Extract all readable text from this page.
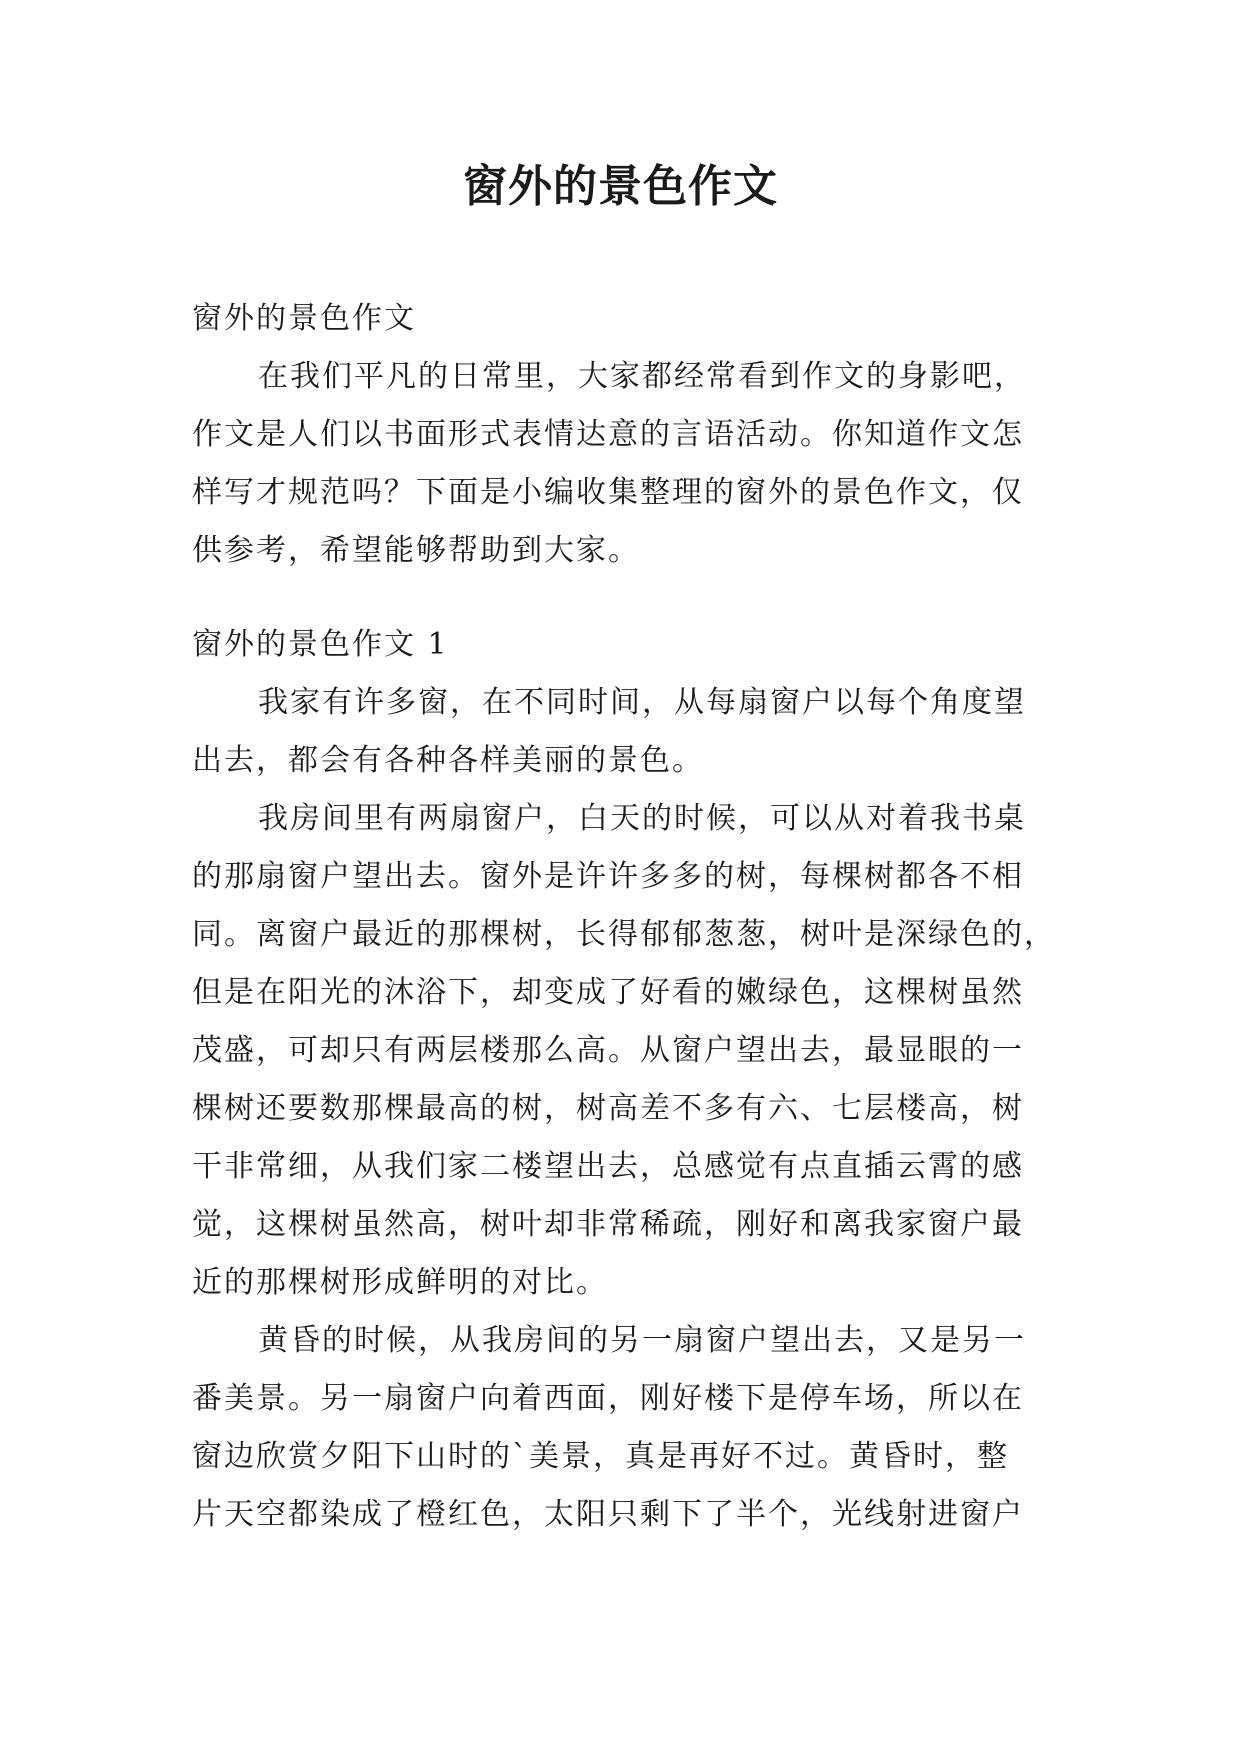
窗外的景色作文
窗外的景色作文
在我们平凡的日常里，大家都经常看到作文的身影吧，
作文是人们以书面形式表情达意的言语活动。你知道作文怎
样写才规范吗？下面是小编收集整理的窗外的景色作文，仅
供参考，希望能够帮助到大家。
窗外的景色作文 1
我家有许多窗，在不同时间，从每扇窗户以每个角度望
出去，都会有各种各样美丽的景色。
我房间里有两扇窗户，白天的时候，可以从对着我书桌
的那扇窗户望出去。窗外是许许多多的树，每棵树都各不相
同。离窗户最近的那棵树，长得郁郁葱葱，树叶是深绿色的，
但是在阳光的沐浴下，却变成了好看的嫩绿色，这棵树虽然
茂盛，可却只有两层楼那么高。从窗户望出去，最显眼的一
棵树还要数那棵最高的树，树高差不多有六、七层楼高，树
干非常细，从我们家二楼望出去，总感觉有点直插云霄的感
觉，这棵树虽然高，树叶却非常稀疏，刚好和离我家窗户最
近的那棵树形成鲜明的对比。
黄昏的时候，从我房间的另一扇窗户望出去，又是另一
番美景。另一扇窗户向着西面，刚好楼下是停车场，所以在
窗边欣赏夕阳下山时的`美景，真是再好不过。黄昏时，整
片天空都染成了橙红色，太阳只剩下了半个，光线射进窗户
